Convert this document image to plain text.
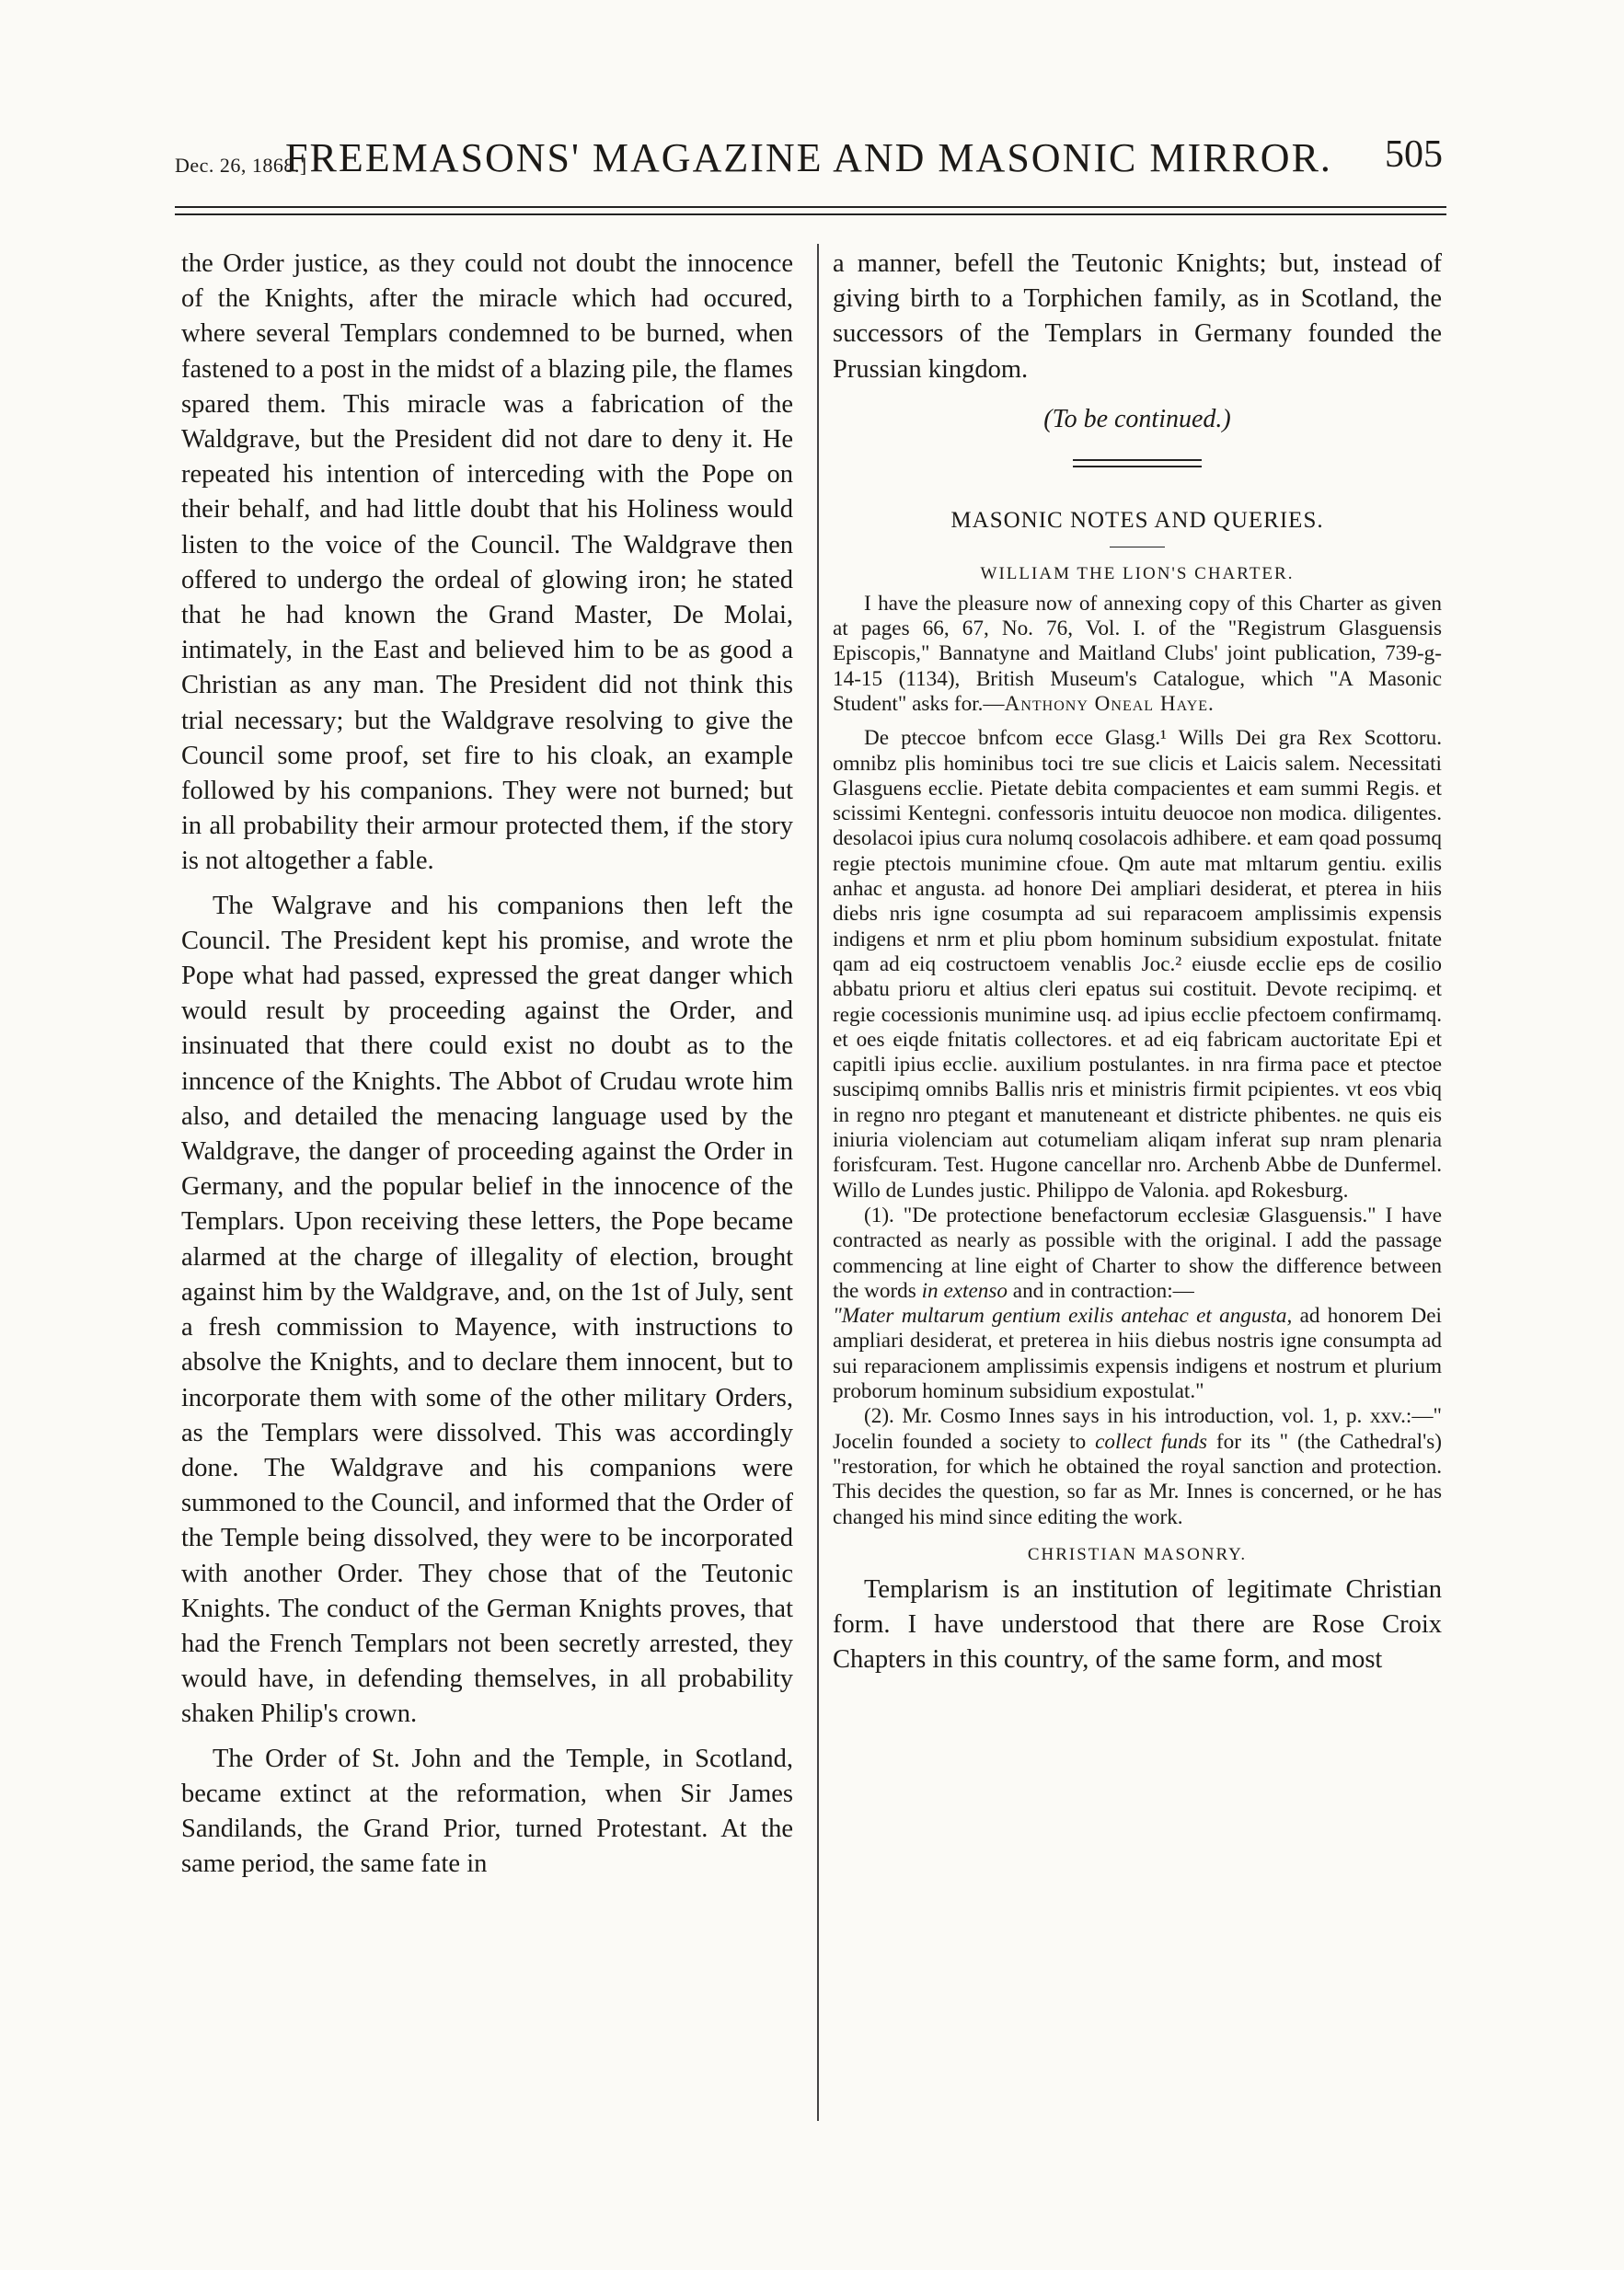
Dec. 26, 1868.]
FREEMASONS' MAGAZINE AND MASONIC MIRROR. 505

the Order justice, as they could not doubt the innocence of the Knights, after the miracle which had occured, where several Templars condemned to be burned, when fastened to a post in the midst of a blazing pile, the flames spared them. This miracle was a fabrication of the Waldgrave, but the President did not dare to deny it. He repeated his intention of interceding with the Pope on their behalf, and had little doubt that his Holiness would listen to the voice of the Council. The Waldgrave then offered to undergo the ordeal of glowing iron; he stated that he had known the Grand Master, De Molai, intimately, in the East and believed him to be as good a Christian as any man. The President did not think this trial necessary; but the Waldgrave resolving to give the Council some proof, set fire to his cloak, an example followed by his companions. They were not burned; but in all probability their armour protected them, if the story is not altogether a fable.

The Walgrave and his companions then left the Council. The President kept his promise, and wrote the Pope what had passed, expressed the great danger which would result by proceeding against the Order, and insinuated that there could exist no doubt as to the inncence of the Knights. The Abbot of Crudau wrote him also, and detailed the menacing language used by the Waldgrave, the danger of proceeding against the Order in Germany, and the popular belief in the innocence of the Templars. Upon receiving these letters, the Pope became alarmed at the charge of illegality of election, brought against him by the Waldgrave, and, on the 1st of July, sent a fresh commission to Mayence, with instructions to absolve the Knights, and to declare them innocent, but to incorporate them with some of the other military Orders, as the Templars were dissolved. This was accordingly done. The Waldgrave and his companions were summoned to the Council, and informed that the Order of the Temple being dissolved, they were to be incorporated with another Order. They chose that of the Teutonic Knights. The conduct of the German Knights proves, that had the French Templars not been secretly arrested, they would have, in defending themselves, in all probability shaken Philip's crown.

The Order of St. John and the Temple, in Scotland, became extinct at the reformation, when Sir James Sandilands, the Grand Prior, turned Protestant. At the same period, the same fate in

a manner, befell the Teutonic Knights; but, instead of giving birth to a Torphichen family, as in Scotland, the successors of the Templars in Germany founded the Prussian kingdom.

(To be continued.)
MASONIC NOTES AND QUERIES.
WILLIAM THE LION'S CHARTER.

I have the pleasure now of annexing copy of this Charter as given at pages 66, 67, No. 76, Vol. I. of the "Registrum Glasguensis Episcopis," Bannatyne and Maitland Clubs' joint publication, 739-g-14-15 (1134), British Museum's Catalogue, which "A Masonic Student" asks for.—Anthony Oneal Haye.

De pteccoe bnfcom ecce Glasg.¹ Wills Dei gra Rex Scottoru. omnibz plis hominibus toci tre sue clicis et Laicis salem. Necessitati Glasguens ecclie. Pietate debita compacientes et eam summi Regis. et scissimi Kentegni. confessoris intuitu deuocoe non modica. diligentes. desolacoi ipius cura nolumq cosolacois adhibere. et eam qoad possumq regie ptectois munimine cfoue. Qm aute mat mltarum gentiu. exilis anhac et angusta. ad honore Dei ampliari desiderat, et pterea in hiis diebs nris igne cosumpta ad sui reparacoem amplissimis expensis indigens et nrm et pliu pbom hominum subsidium expostulat. fnitate qam ad eiq costructoem venablis Joc.² eiusde ecclie eps de cosilio abbatu prioru et altius cleri epatus sui costituit. Devote recipimq. et regie cocessionis munimine usq. ad ipius ecclie pfectoem confirmamq. et oes eiqde fnitatis collectores. et ad eiq fabricam auctoritate Epi et capitli ipius ecclie. auxilium postulantes. in nra firma pace et ptectoe suscipimq omnibs Ballis nris et ministris firmit pcipientes. vt eos vbiq in regno nro ptegant et manuteneant et districte phibentes. ne quis eis iniuria violenciam aut cotumeliam aliqam inferat sup nram plenaria forisfcuram. Test. Hugone cancellar nro. Archenb Abbe de Dunfermel. Willo de Lundes justic. Philippo de Valonia. apd Rokesburg.

(1). "De protectione benefactorum ecclesiæ Glasguensis." I have contracted as nearly as possible with the original. I add the passage commencing at line eight of Charter to show the difference between the words in extenso and in contraction:—
"Mater multarum gentium exilis antehac et angusta, ad honorem Dei ampliari desiderat, et preterea in hiis diebus nostris igne consumpta ad sui reparacionem amplissimis expensis indigens et nostrum et plurium proborum hominum subsidium expostulat."

(2). Mr. Cosmo Innes says in his introduction, vol. 1, p. xxv.:—" Jocelin founded a society to collect funds for its " (the Cathedral's) "restoration, for which he obtained the royal sanction and protection. This decides the question, so far as Mr. Innes is concerned, or he has changed his mind since editing the work.

CHRISTIAN MASONRY.

Templarism is an institution of legitimate Christian form. I have understood that there are Rose Croix Chapters in this country, of the same form, and most
